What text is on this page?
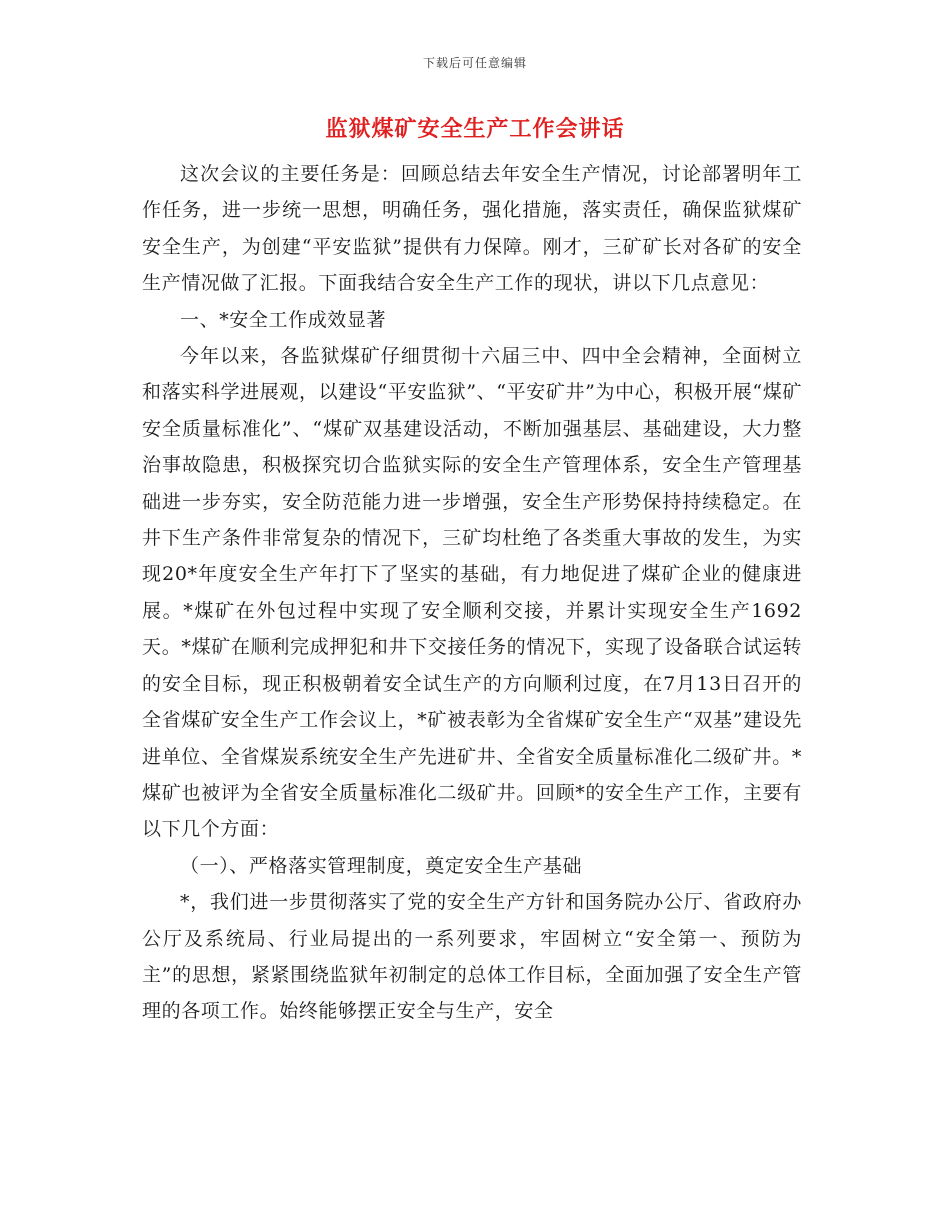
下载后可任意编辑
监狱煤矿安全生产工作会讲话

这次会议的主要任务是：回顾总结去年安全生产情况，讨论部署明年工作任务，进一步统一思想，明确任务，强化措施，落实责任，确保监狱煤矿安全生产，为创建“平安监狱”提供有力保障。刚才，三矿矿长对各矿的安全生产情况做了汇报。下面我结合安全生产工作的现状，讲以下几点意见：

一、*安全工作成效显著

今年以来，各监狱煤矿仔细贯彻十六届三中、四中全会精神，全面树立和落实科学进展观，以建设“平安监狱”、“平安矿井”为中心，积极开展“煤矿安全质量标准化”、“煤矿双基建设活动，不断加强基层、基础建设，大力整治事故隐患，积极探究切合监狱实际的安全生产管理体系，安全生产管理基础进一步夯实，安全防范能力进一步增强，安全生产形势保持持续稳定。在井下生产条件非常复杂的情况下，三矿均杜绝了各类重大事故的发生，为实现20*年度安全生产年打下了坚实的基础，有力地促进了煤矿企业的健康进展。*煤矿在外包过程中实现了安全顺利交接，并累计实现安全生产1692天。*煤矿在顺利完成押犯和井下交接任务的情况下，实现了设备联合试运转的安全目标，现正积极朝着安全试生产的方向顺利过度，在7月13日召开的全省煤矿安全生产工作会议上，*矿被表彰为全省煤矿安全生产“双基”建设先进单位、全省煤炭系统安全生产先进矿井、全省安全质量标准化二级矿井。*煤矿也被评为全省安全质量标准化二级矿井。回顾*的安全生产工作，主要有以下几个方面：

（一）、严格落实管理制度，奠定安全生产基础

*，我们进一步贯彻落实了党的安全生产方针和国务院办公厅、省政府办公厅及系统局、行业局提出的一系列要求，牢固树立“安全第一、预防为主”的思想，紧紧围绕监狱年初制定的总体工作目标，全面加强了安全生产管理的各项工作。始终能够摆正安全与生产，安全
